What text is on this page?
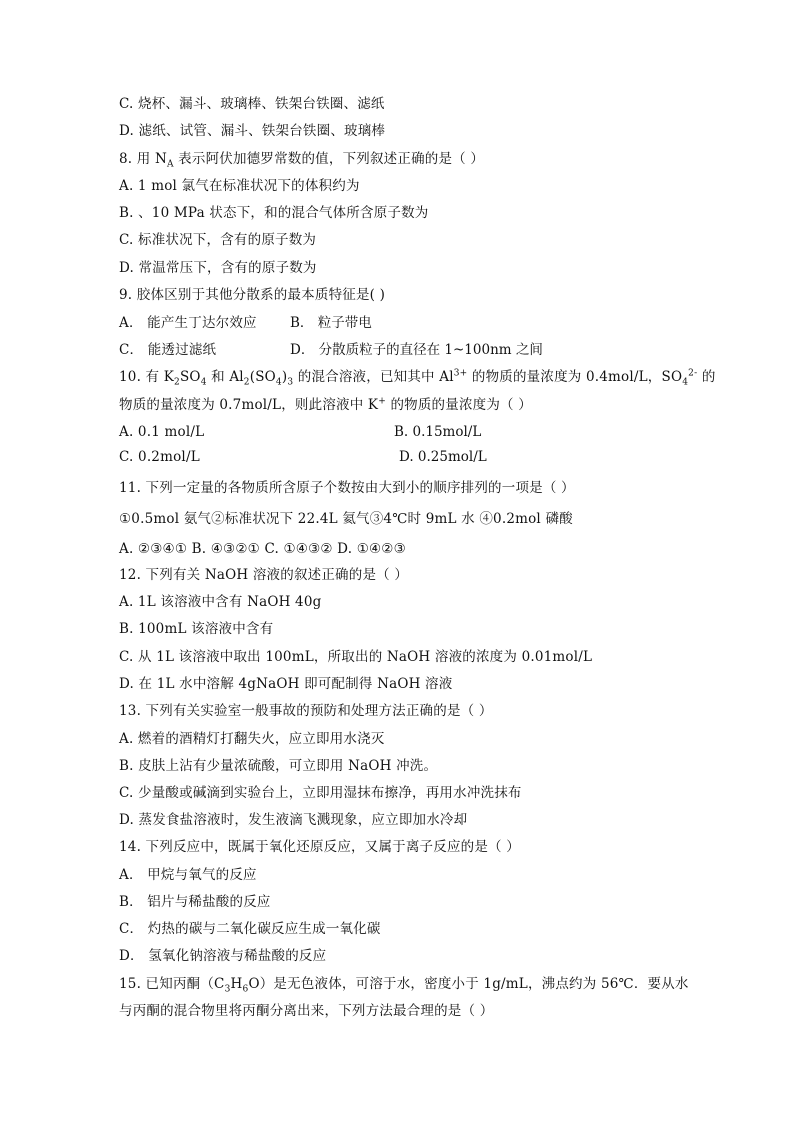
C. 烧杯、漏斗、玻璃棒、铁架台铁圈、滤纸
D. 滤纸、试管、漏斗、铁架台铁圈、玻璃棒
8. 用 $N_A$ 表示阿伏加德罗常数的值，下列叙述正确的是（ ）
A. 1 mol 氯气在标准状况下的体积约为
B. 、10 MPa 状态下，和的混合气体所含原子数为
C. 标准状况下，含有的原子数为
D. 常温常压下，含有的原子数为
9. 胶体区别于其他分散系的最本质特征是( )
A． 能产生丁达尔效应 B． 粒子带电
C． 能透过滤纸	D． 分散质粒子的直径在 1~100nm 之间
10. 有 $K_2SO_4$ 和 $Al_2(SO_4)_3$ 的混合溶液，已知其中 $Al^{3+}$ 的物质的量浓度为 0.4mol/L，$SO_4^{2-}$ 的
物质的量浓度为 0.7mol/L，则此溶液中 K+ 的物质的量浓度为（ ）
A. 0.1 mol/L	B. 0.15mol/L
C. 0.2mol/L	D. 0.25mol/L
11. 下列一定量的各物质所含原子个数按由大到小的顺序排列的一项是（ ）
①0.5mol 氨气②标准状况下 22.4L 氦气③4℃时 9mL 水 ④0.2mol 磷酸
A. ②③④① B. ④③②① C. ①④③② D. ①④②③
12. 下列有关 NaOH 溶液的叙述正确的是（ ）
A. 1L 该溶液中含有 NaOH 40g
B. 100mL 该溶液中含有
C. 从 1L 该溶液中取出 100mL，所取出的 NaOH 溶液的浓度为 0.01mol/L
D. 在 1L 水中溶解 4gNaOH 即可配制得 NaOH 溶液
13. 下列有关实验室一般事故的预防和处理方法正确的是（ ）
A. 燃着的酒精灯打翻失火，应立即用水浇灭
B. 皮肤上沾有少量浓硫酸，可立即用 NaOH 冲洗。
C. 少量酸或碱滴到实验台上，立即用湿抹布擦净，再用水冲洗抹布
D. 蒸发食盐溶液时，发生液滴飞溅现象，应立即加水冷却
14. 下列反应中，既属于氧化还原反应，又属于离子反应的是（ ）
A． 甲烷与氧气的反应
B． 铝片与稀盐酸的反应
C． 灼热的碳与二氧化碳反应生成一氧化碳
D． 氢氧化钠溶液与稀盐酸的反应
15. 已知丙酮$(C_3H_6O)$是无色液体，可溶于水，密度小于 1g/mL，沸点约为 56℃．要从水
与丙酮的混合物里将丙酮分离出来，下列方法最合理的是（ ）
